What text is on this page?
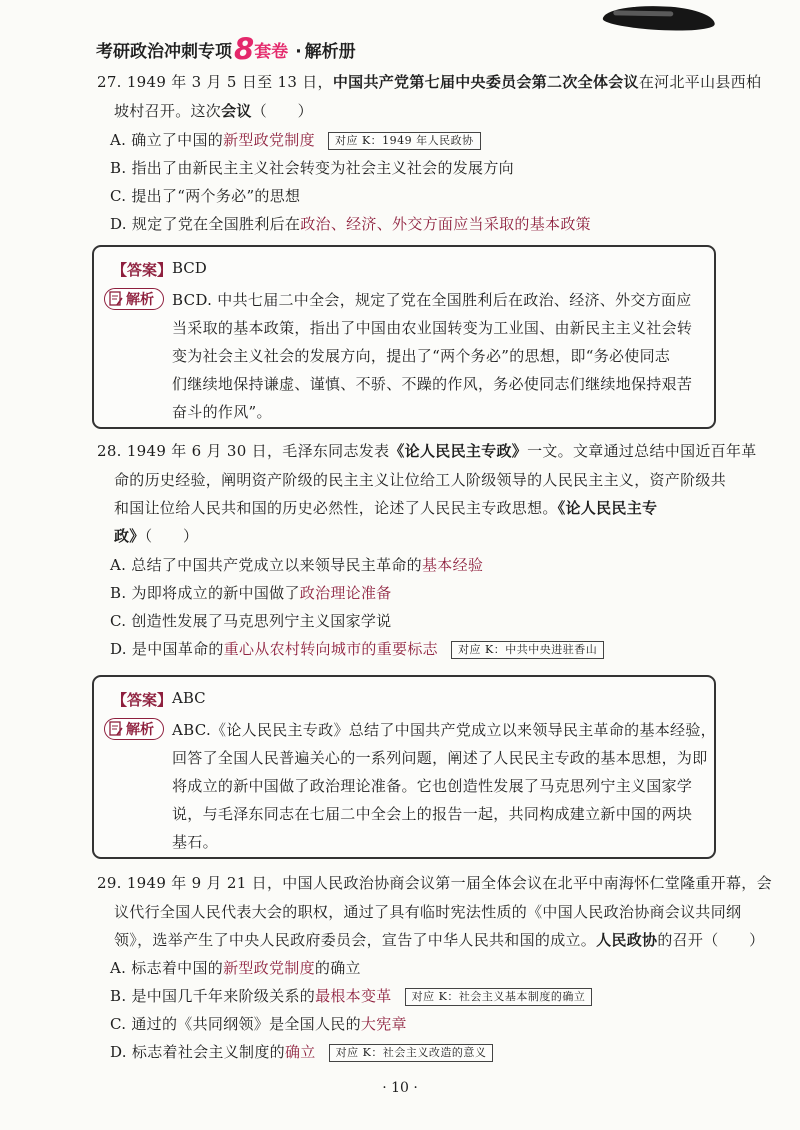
考研政治冲刺专项 8 套卷 · 解析册
27. 1949 年 3 月 5 日至 13 日，中国共产党第七届中央委员会第二次全体会议在河北平山县西柏
坡村召开。这次会议（　　）
A. 确立了中国的新型政党制度 对应 K：1949 年人民政协
B. 指出了由新民主主义社会转变为社会主义社会的发展方向
C. 提出了“两个务必”的思想
D. 规定了党在全国胜利后在政治、经济、外交方面应当采取的基本政策
【答案】 BCD
解析 BCD. 中共七届二中全会，规定了党在全国胜利后在政治、经济、外交方面应
当采取的基本政策，指出了中国由农业国转变为工业国、由新民主主义社会转
变为社会主义社会的发展方向，提出了“两个务必”的思想，即“务必使同志
们继续地保持谦虚、谨慎、不骄、不躁的作风，务必使同志们继续地保持艰苦
奋斗的作风”。
28. 1949 年 6 月 30 日，毛泽东同志发表《论人民民主专政》一文。文章通过总结中国近百年革
命的历史经验，阐明资产阶级的民主主义让位给工人阶级领导的人民民主主义，资产阶级共
和国让位给人民共和国的历史必然性，论述了人民民主专政思想。《论人民民主专
政》（　　）
A. 总结了中国共产党成立以来领导民主革命的基本经验
B. 为即将成立的新中国做了政治理论准备
C. 创造性发展了马克思列宁主义国家学说
D. 是中国革命的重心从农村转向城市的重要标志 对应 K：中共中央进驻香山
【答案】 ABC
解析 ABC.《论人民民主专政》总结了中国共产党成立以来领导民主革命的基本经验，
回答了全国人民普遍关心的一系列问题，阐述了人民民主专政的基本思想，为即
将成立的新中国做了政治理论准备。它也创造性发展了马克思列宁主义国家学
说，与毛泽东同志在七届二中全会上的报告一起，共同构成建立新中国的两块
基石。
29. 1949 年 9 月 21 日，中国人民政治协商会议第一届全体会议在北平中南海怀仁堂隆重开幕，会
议代行全国人民代表大会的职权，通过了具有临时宪法性质的《中国人民政治协商会议共同纲
领》，选举产生了中央人民政府委员会，宣告了中华人民共和国的成立。人民政协的召开（　　）
A. 标志着中国的新型政党制度的确立
B. 是中国几千年来阶级关系的最根本变革 对应 K：社会主义基本制度的确立
C. 通过的《共同纲领》是全国人民的大宪章
D. 标志着社会主义制度的确立 对应 K：社会主义改造的意义
· 10 ·
